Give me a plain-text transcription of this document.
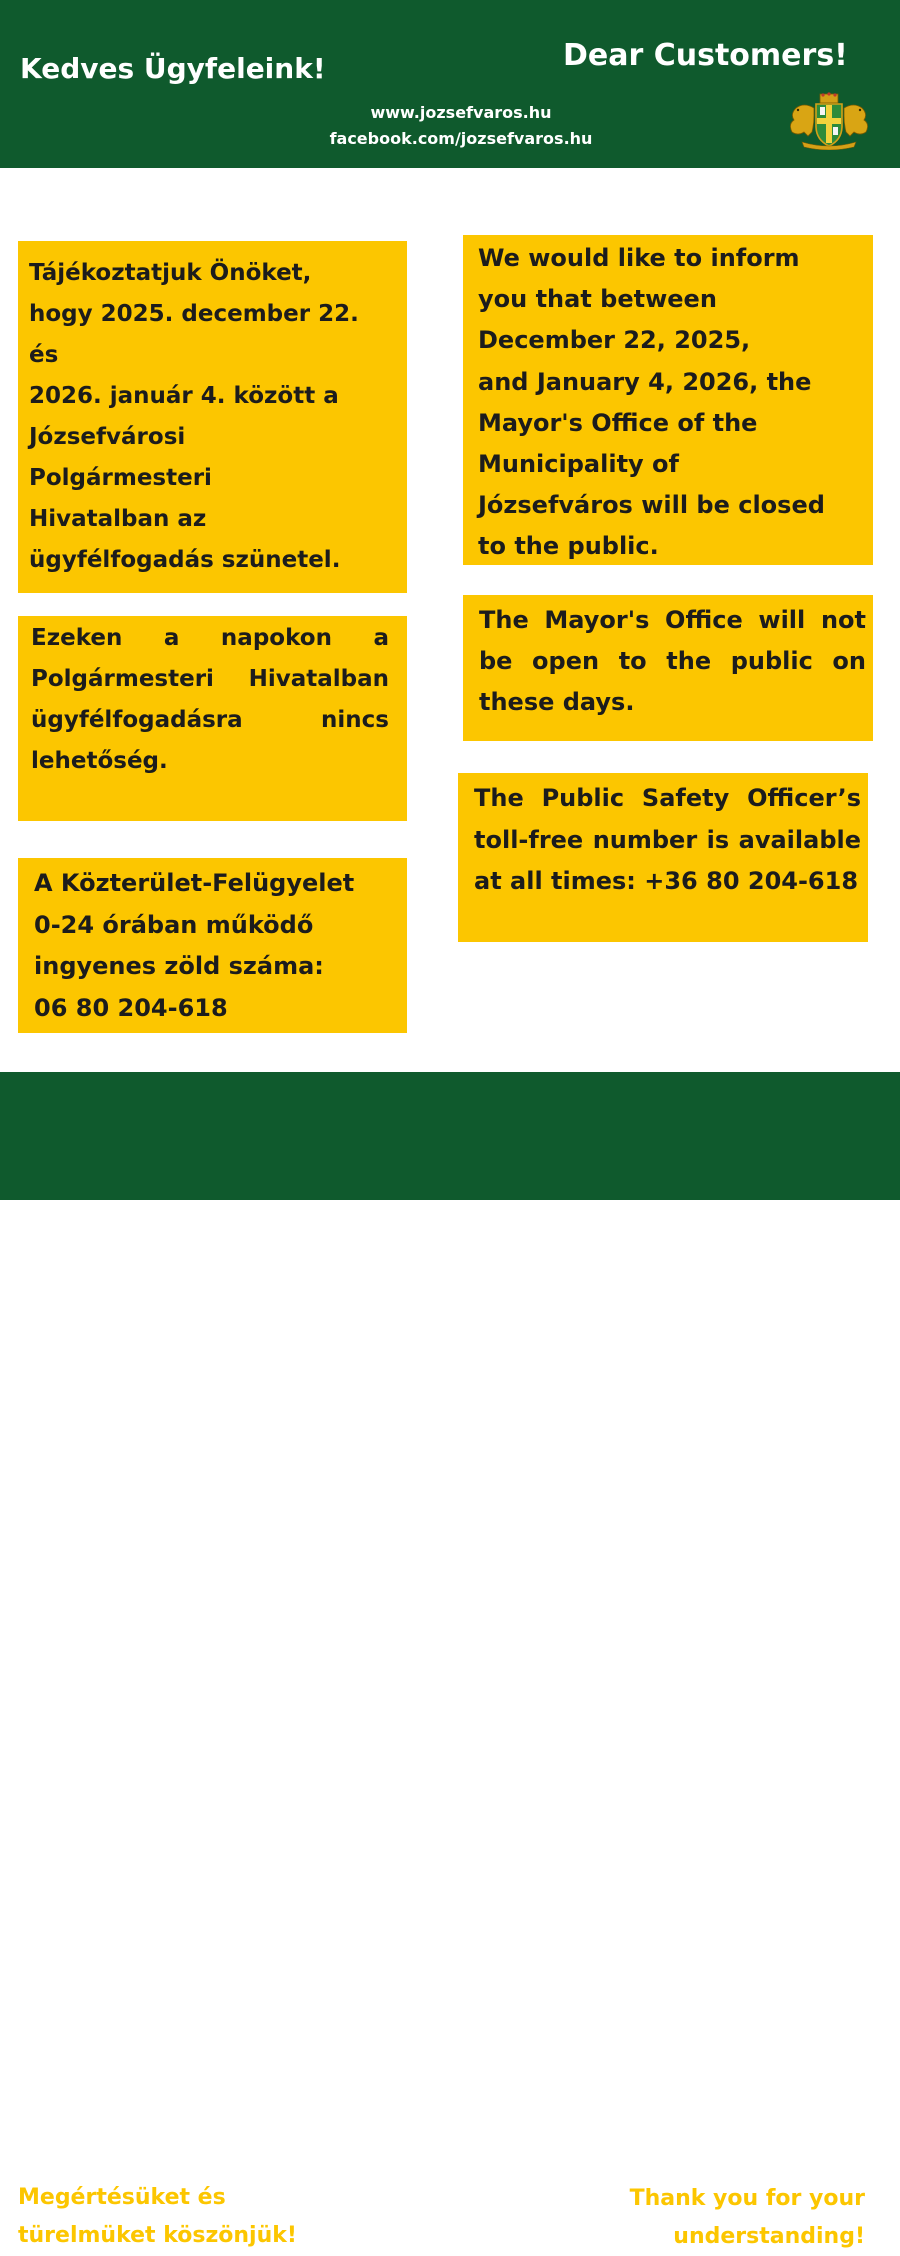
Kedves Ügyfeleink!	Dear Customers!
www.jozsefvaros.hu
facebook.com/jozsefvaros.hu

Tájékoztatjuk Önöket,

hogy 2025. december 22.

és

2026. január 4. között a

Józsefvárosi

Polgármesteri

Hivatalban az

ügyfélfogadás szünetel.

We would like to inform

you that between

December 22, 2025,

and January 4, 2026, the

Mayor's Office of the

Municipality of

Józsefváros will be closed

to the public.

Ezeken a napokon a Polgármesteri Hivatalban ügyfélfogadásra nincs lehetőség.
The Mayor's Office will not be open to the public on these days.

A Közterület-Felügyelet

0-24 órában működő

ingyenes zöld száma:

06 80 204-618

The Public Safety Officer’s toll-free number is available at all times: +36 80 204-618
Megértésüket és
türelmüket köszönjük!
Thank you for your
understanding!
